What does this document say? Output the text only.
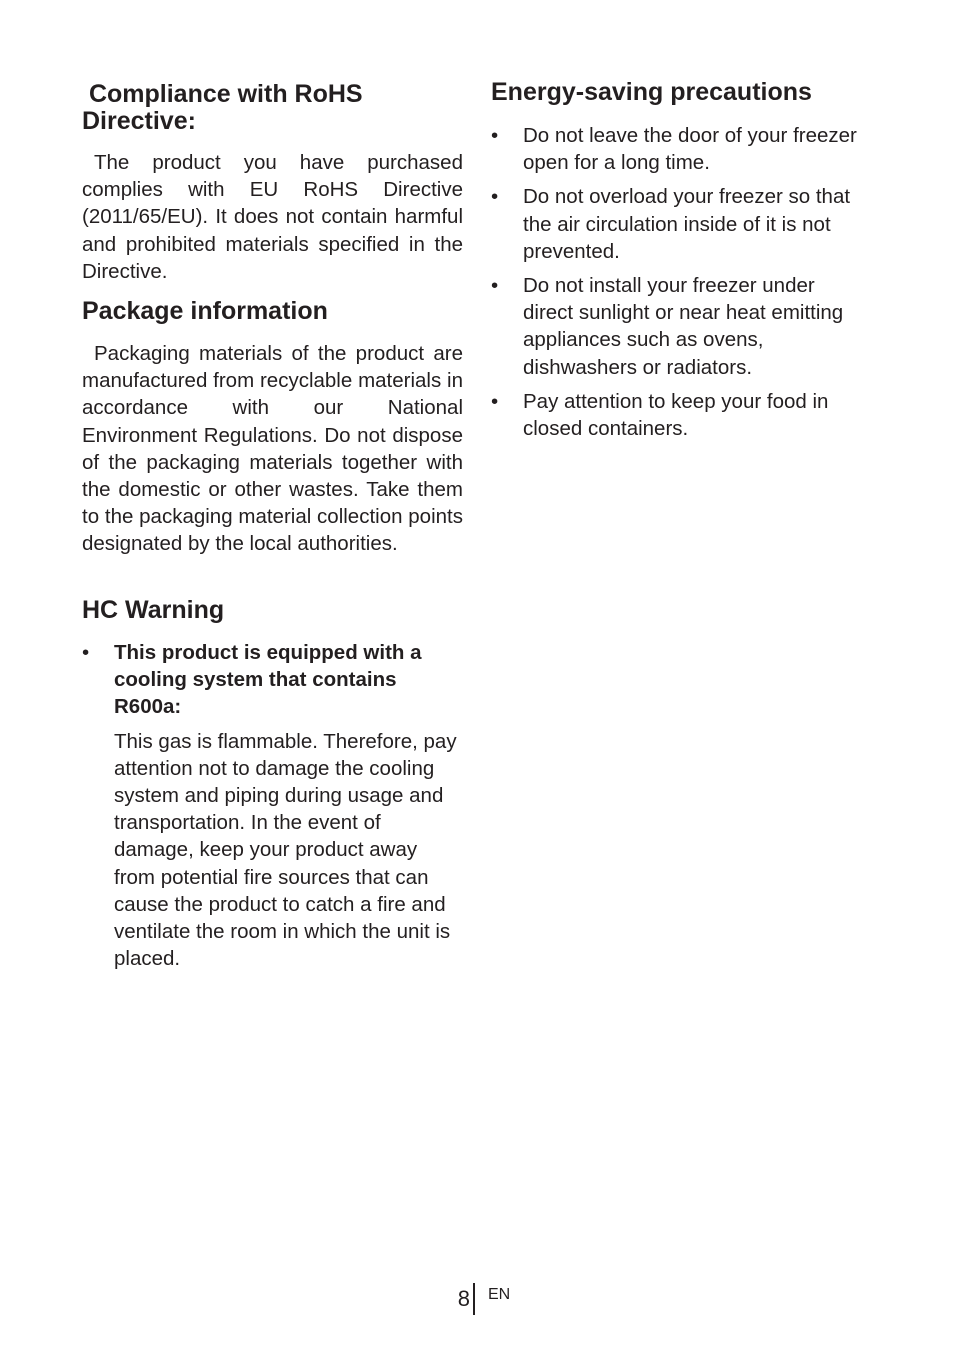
Compliance with RoHS Directive:

The product you have purchased complies with EU RoHS Directive (2011/65/EU). It does not contain harmful and prohibited materials specified in the Directive.

Package information

Packaging materials of the product are manufactured from recyclable materials in accordance with our National Environment Regulations. Do not dispose of the packaging materials together with the domestic or other wastes. Take them to the packaging material collection points designated by the local authorities.

HC Warning
•	This product is equipped with a cooling system that contains R600a:

This gas is flammable. Therefore, pay attention not to damage the cooling system and piping during usage and transportation. In the event of damage, keep your product away from potential fire sources that can cause the product to catch a fire and ventilate the room in which the unit is placed.

Energy-saving precautions
•	Do not leave the door of your freezer open for a long time.
•	Do not overload your freezer so that the air circulation inside of it is not prevented.
•	Do not install your freezer under direct sunlight or near heat emitting appliances such as ovens, dishwashers or radiators.
•	Pay attention to keep your food in closed containers.
8 EN
